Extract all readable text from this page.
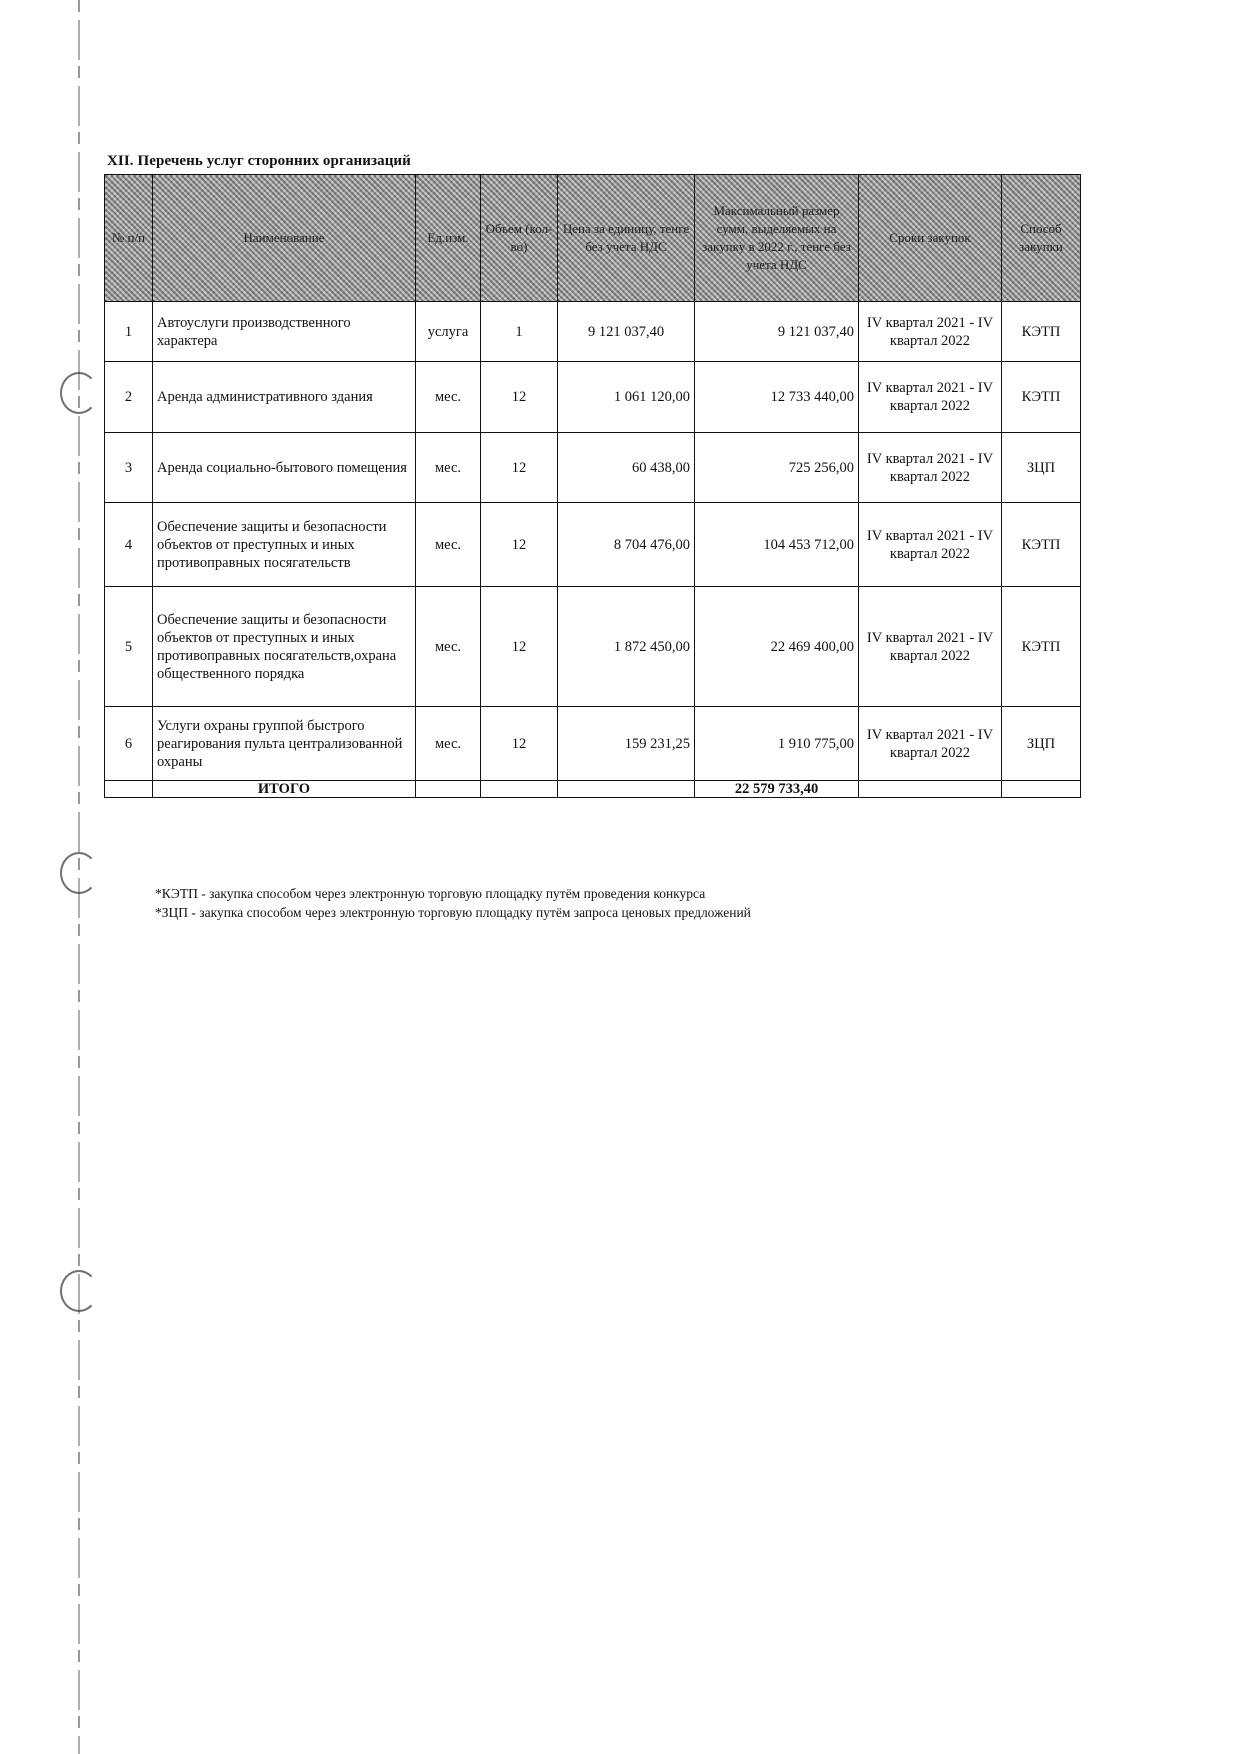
XII. Перечень услуг сторонних организаций
№ п/п	Наименование	Ед.изм.	Объем (кол-во)	Цена за единицу, тенге без учета НДС	Максимальный размер сумм, выделяемых на закупку в 2022 г., тенге без учета НДС	Сроки закупок	Способ закупки
1	Автоуслуги производственного характера	услуга	1	9 121 037,40	9 121 037,40	IV квартал 2021 - IV квартал 2022	КЭТП
2	Аренда административного здания	мес.	12	1 061 120,00	12 733 440,00	IV квартал 2021 - IV квартал 2022	КЭТП
3	Аренда социально-бытового помещения	мес.	12	60 438,00	725 256,00	IV квартал 2021 - IV квартал 2022	ЗЦП
4	Обеспечение защиты и безопасности объектов от преступных и иных противоправных посягательств	мес.	12	8 704 476,00	104 453 712,00	IV квартал 2021 - IV квартал 2022	КЭТП
5	Обеспечение защиты и безопасности объектов от преступных и иных противоправных посягательств,охрана общественного порядка	мес.	12	1 872 450,00	22 469 400,00	IV квартал 2021 - IV квартал 2022	КЭТП
6	Услуги охраны группой быстрого реагирования пульта централизованной охраны	мес.	12	159 231,25	1 910 775,00	IV квартал 2021 - IV квартал 2022	ЗЦП
	ИТОГО				22 579 733,40		
*КЭТП - закупка способом через электронную торговую площадку путём проведения конкурса
*ЗЦП - закупка способом через электронную торговую площадку путём запроса ценовых предложений
